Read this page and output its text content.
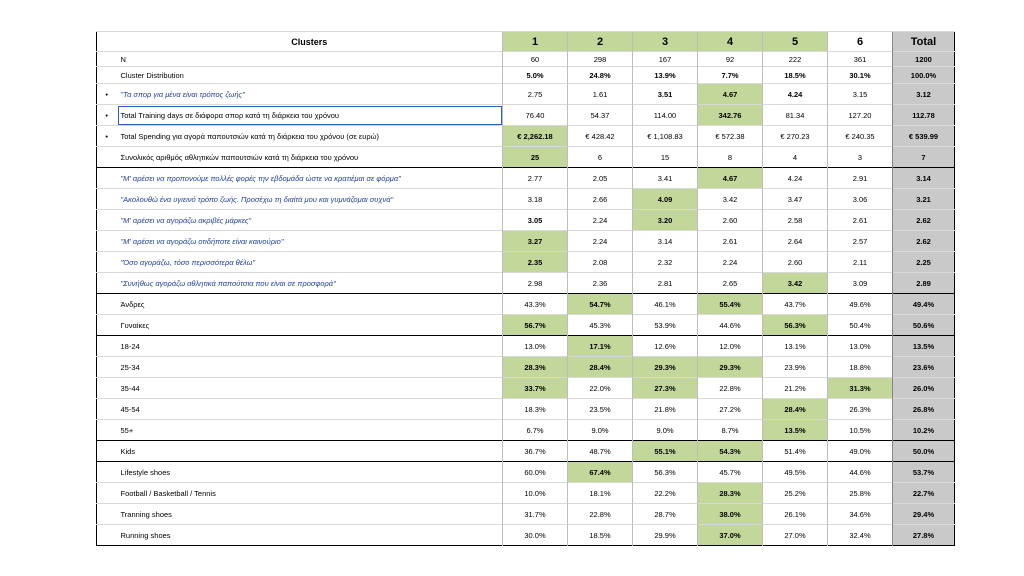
	Clusters	1	2	3	4	5	6	Total
	N	60	298	167	92	222	361	1200
	Cluster Distribution	5.0%	24.8%	13.9%	7.7%	18.5%	30.1%	100.0%
•	"Τα σπορ για μένα είναι τρόπος ζωής"	2.75	1.61	3.51	4.67	4.24	3.15	3.12
•	Total Training days σε διάφορα σπορ κατά τη διάρκεια του χρόνου	76.40	54.37	114.00	342.76	81.34	127.20	112.78
•	Total Spending για αγορά παπουτσιών κατά τη διάρκεια του χρόνου (σε ευρώ)	€ 2,262.18	€ 428.42	€ 1,108.83	€ 572.38	€ 270.23	€ 240.35	€ 539.99
	Συνολικός αριθμός αθλητικών παπουτσιών κατά τη διάρκεια του χρόνου	25	6	15	8	4	3	7
	"Μ' αρέσει να προπονούμε πολλές φορές την εβδομάδα ώστε να κρατιέμαι σε φόρμα"	2.77	2.05	3.41	4.67	4.24	2.91	3.14
	"Ακολουθώ ένα υγιεινό τρόπο ζωής. Προσέχω τη διαίτά μου και γυμνάζομαι συχνά"	3.18	2.66	4.09	3.42	3.47	3.06	3.21
	"Μ' αρέσει να αγοράζω ακριβές μάρκες"	3.05	2.24	3.20	2.60	2.58	2.61	2.62
	"Μ' αρέσει να αγοράζω οτιδήποτε είναι καινούριο"	3.27	2.24	3.14	2.61	2.64	2.57	2.62
	"Όσο αγοράζω, τόσο περισσότερα θέλω"	2.35	2.08	2.32	2.24	2.60	2.11	2.25
	"Συνήθως αγοράζω αθλητικά παπούτσια που είναι σε προσφορά"	2.98	2.36	2.81	2.65	3.42	3.09	2.89
	Άνδρες	43.3%	54.7%	46.1%	55.4%	43.7%	49.6%	49.4%
	Γυναίκες	56.7%	45.3%	53.9%	44.6%	56.3%	50.4%	50.6%
	18-24	13.0%	17.1%	12.6%	12.0%	13.1%	13.0%	13.5%
	25-34	28.3%	28.4%	29.3%	29.3%	23.9%	18.8%	23.6%
	35-44	33.7%	22.0%	27.3%	22.8%	21.2%	31.3%	26.0%
	45-54	18.3%	23.5%	21.8%	27.2%	28.4%	26.3%	26.8%
	55+	6.7%	9.0%	9.0%	8.7%	13.5%	10.5%	10.2%
	Kids	36.7%	48.7%	55.1%	54.3%	51.4%	49.0%	50.0%
	Lifestyle shoes	60.0%	67.4%	56.3%	45.7%	49.5%	44.6%	53.7%
	Football / Basketball / Tennis	10.0%	18.1%	22.2%	28.3%	25.2%	25.8%	22.7%
	Tranning shoes	31.7%	22.8%	28.7%	38.0%	26.1%	34.6%	29.4%
	Running shoes	30.0%	18.5%	29.9%	37.0%	27.0%	32.4%	27.8%
